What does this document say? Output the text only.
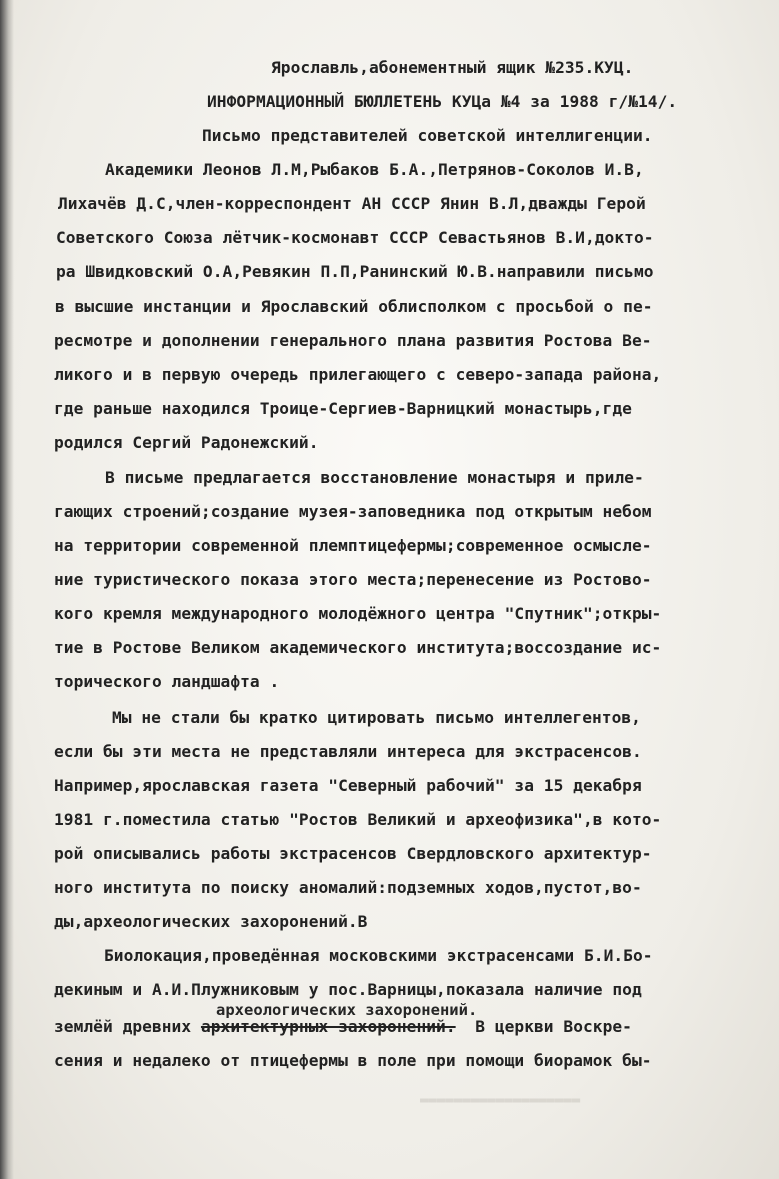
Ярославль,абонементный ящик №235.КУЦ.
ИНФОРМАЦИОННЫЙ БЮЛЛЕТЕНЬ КУЦа №4 за 1988 г/№14/.
Письмо представителей советской интеллигенции.
Академики Леонов Л.М,Рыбаков Б.А.,Петрянов-Соколов И.В,
Лихачёв Д.С,член-корреспондент АН СССР Янин В.Л,дважды Герой
Советского Союза лётчик-космонавт СССР Севастьянов В.И,доктo-
ра Швидковский О.А,Ревякин П.П,Ранинский Ю.В.направили письмо
в высшие инстанции и Ярославский облисполком с просьбой о пе-
ресмотре и дополнении генерального плана развития Ростова Ве-
ликого и в первую очередь прилегающего с северо-запада района,
где раньше находился Троице-Сергиев-Варницкий монастырь,где
родился Сергий Радонежский.
В письме предлагается восстановление монастыря и приле-
гающих строений;создание музея-заповедника под открытым небом
на территории современной племптицефермы;современное осмысле-
ние туристического показа этого места;перенесение из Ростово-
кого кремля международного молодёжного центра "Спутник";откры-
тие в Ростове Великом академического института;воссоздание ис-
торического ландшафта .
Мы не стали бы кратко цитировать письмо интеллегентов,
если бы эти места не представляли интереса для экстрасенсов.
Например,ярославская газета "Северный рабочий" за 15 декабря
1981 г.поместила статью "Ростов Великий и археофизика",в кото-
рой описывались работы экстрасенсов Свердловского архитектур-
ного института по поиску аномалий:подземных ходов,пустот,во-
ды,археологических захоронений.В
Биолокация,проведённая московскими экстрасенсами Б.И.Бо-
декиным и А.И.Плужниковым у пос.Варницы,показала наличие под
археологических захоронений.
землёй древних архитектурных захоронений.  В церкви Воскре-
сения и недалеко от птицефермы в поле при помощи биорамок бы-
▬▬▬▬▬▬▬▬▬▬▬▬▬▬▬▬▬▬▬
